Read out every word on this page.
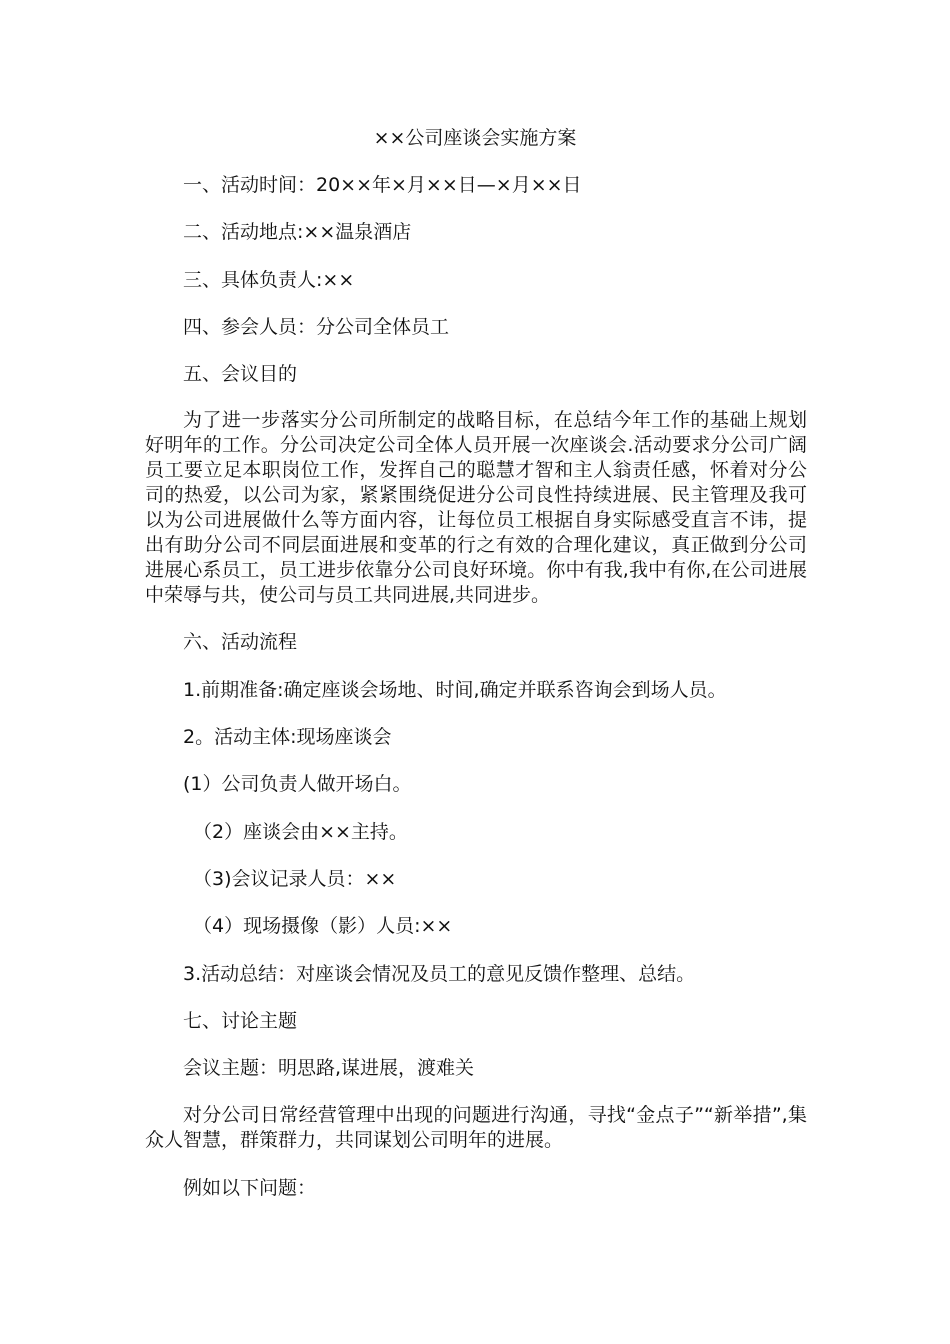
××公司座谈会实施方案
一、活动时间：20××年×月××日—×月××日
二、活动地点:××温泉酒店
三、具体负责人:××
四、参会人员：分公司全体员工
五、会议目的
为了进一步落实分公司所制定的战略目标，在总结今年工作的基础上规划好明年的工作。分公司决定公司全体人员开展一次座谈会.活动要求分公司广阔员工要立足本职岗位工作，发挥自己的聪慧才智和主人翁责任感，怀着对分公司的热爱，以公司为家，紧紧围绕促进分公司良性持续进展、民主管理及我可以为公司进展做什么等方面内容，让每位员工根据自身实际感受直言不讳，提出有助分公司不同层面进展和变革的行之有效的合理化建议，真正做到分公司进展心系员工，员工进步依靠分公司良好环境。你中有我,我中有你,在公司进展中荣辱与共，使公司与员工共同进展,共同进步。
六、活动流程
1.前期准备:确定座谈会场地、时间,确定并联系咨询会到场人员。
2。活动主体:现场座谈会
(1）公司负责人做开场白。
（2）座谈会由××主持。
（3)会议记录人员：××
（4）现场摄像（影）人员:××
3.活动总结：对座谈会情况及员工的意见反馈作整理、总结。
七、讨论主题
会议主题：明思路,谋进展，渡难关
对分公司日常经营管理中出现的问题进行沟通，寻找“金点子”“新举措”,集众人智慧，群策群力，共同谋划公司明年的进展。
例如以下问题：
